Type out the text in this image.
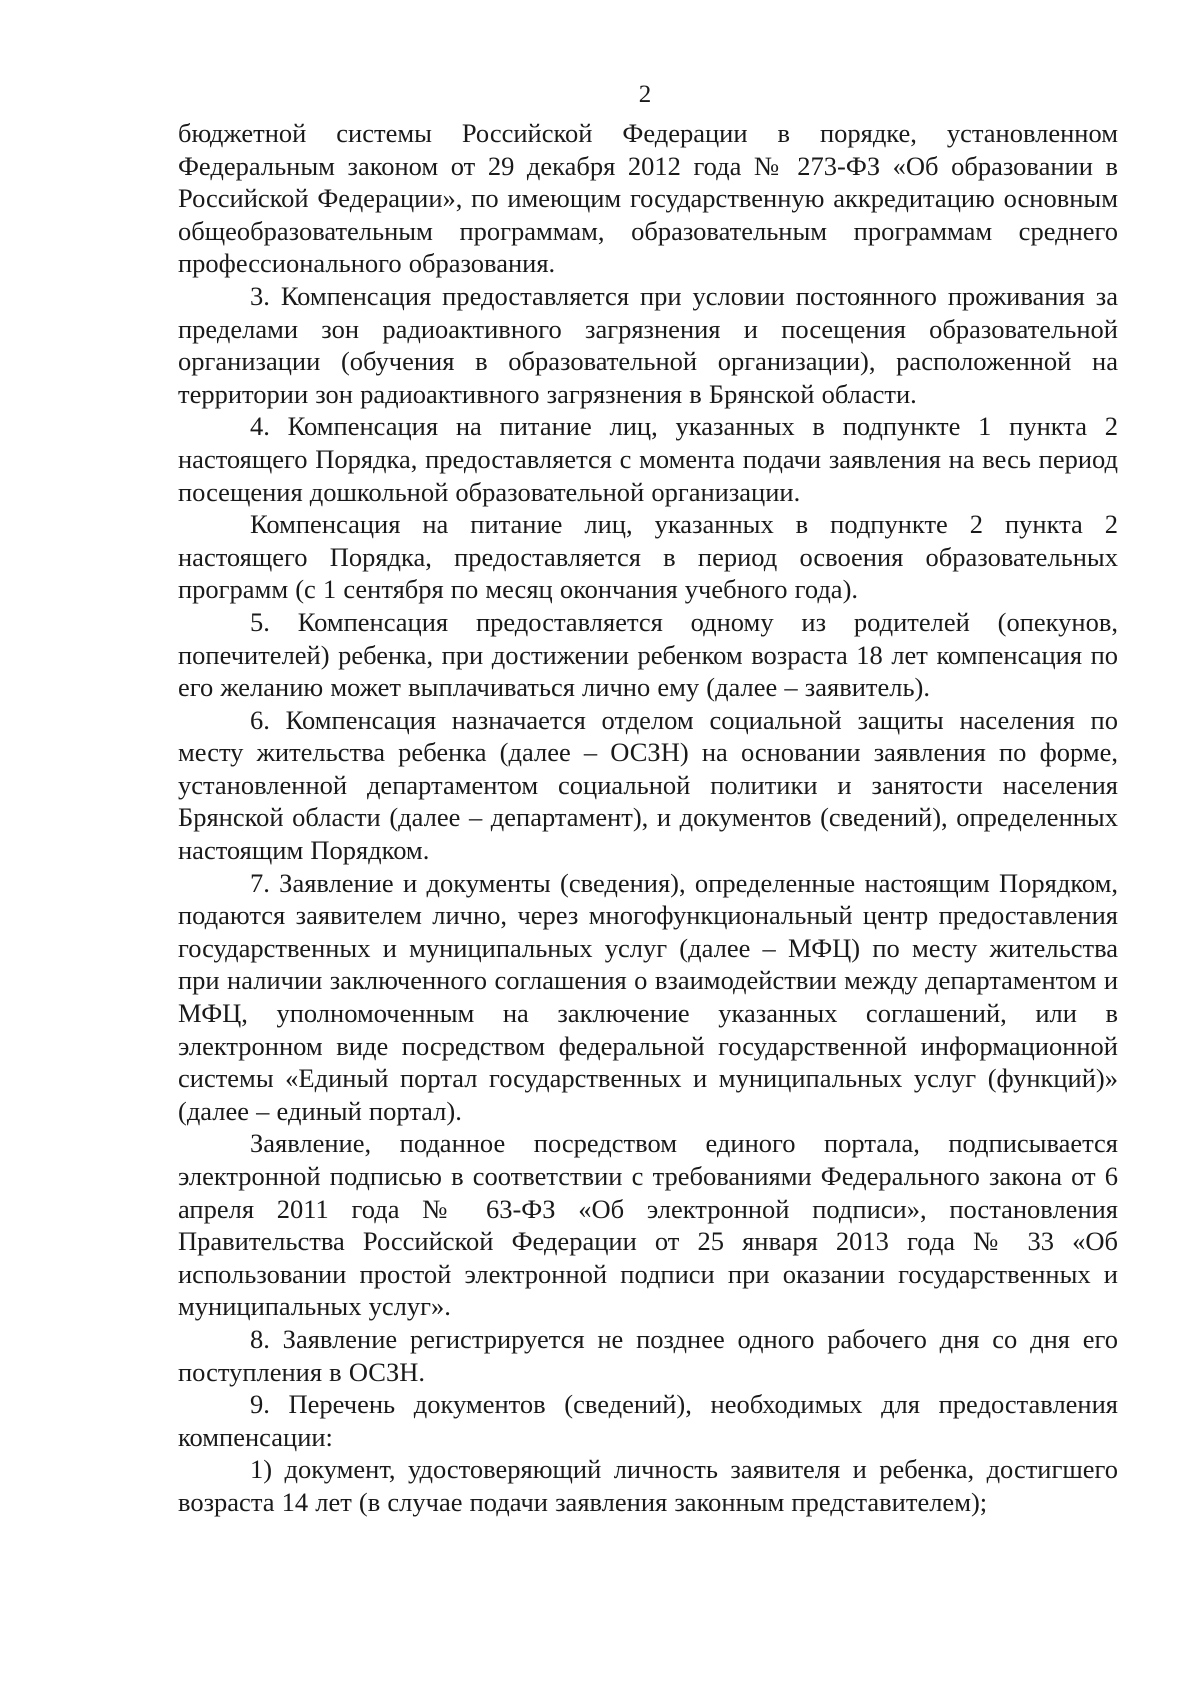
2

бюджетной системы Российской Федерации в порядке, установленном Федеральным законом от 29 декабря 2012 года № 273-ФЗ «Об образовании в Российской Федерации», по имеющим государственную аккредитацию основным общеобразовательным программам, образовательным программам среднего профессионального образования.

3. Компенсация предоставляется при условии постоянного проживания за пределами зон радиоактивного загрязнения и посещения образовательной организации (обучения в образовательной организации), расположенной на территории зон радиоактивного загрязнения в Брянской области.

4. Компенсация на питание лиц, указанных в подпункте 1 пункта 2 настоящего Порядка, предоставляется с момента подачи заявления на весь период посещения дошкольной образовательной организации.

Компенсация на питание лиц, указанных в подпункте 2 пункта 2 настоящего Порядка, предоставляется в период освоения образовательных программ (с 1 сентября по месяц окончания учебного года).

5. Компенсация предоставляется одному из родителей (опекунов, попечителей) ребенка, при достижении ребенком возраста 18 лет компенсация по его желанию может выплачиваться лично ему (далее – заявитель).

6. Компенсация назначается отделом социальной защиты населения по месту жительства ребенка (далее – ОСЗН) на основании заявления по форме, установленной департаментом социальной политики и занятости населения Брянской области (далее – департамент), и документов (сведений), определенных настоящим Порядком.

7. Заявление и документы (сведения), определенные настоящим Порядком, подаются заявителем лично, через многофункциональный центр предоставления государственных и муниципальных услуг (далее – МФЦ) по месту жительства при наличии заключенного соглашения о взаимодействии между департаментом и МФЦ, уполномоченным на заключение указанных соглашений, или в электронном виде посредством федеральной государственной информационной системы «Единый портал государственных и муниципальных услуг (функций)» (далее – единый портал).

Заявление, поданное посредством единого портала, подписывается электронной подписью в соответствии с требованиями Федерального закона от 6 апреля 2011 года № 63-ФЗ «Об электронной подписи», постановления Правительства Российской Федерации от 25 января 2013 года № 33 «Об использовании простой электронной подписи при оказании государственных и муниципальных услуг».

8. Заявление регистрируется не позднее одного рабочего дня со дня его поступления в ОСЗН.

9. Перечень документов (сведений), необходимых для предоставления компенсации:

1) документ, удостоверяющий личность заявителя и ребенка, достигшего возраста 14 лет (в случае подачи заявления законным представителем);
